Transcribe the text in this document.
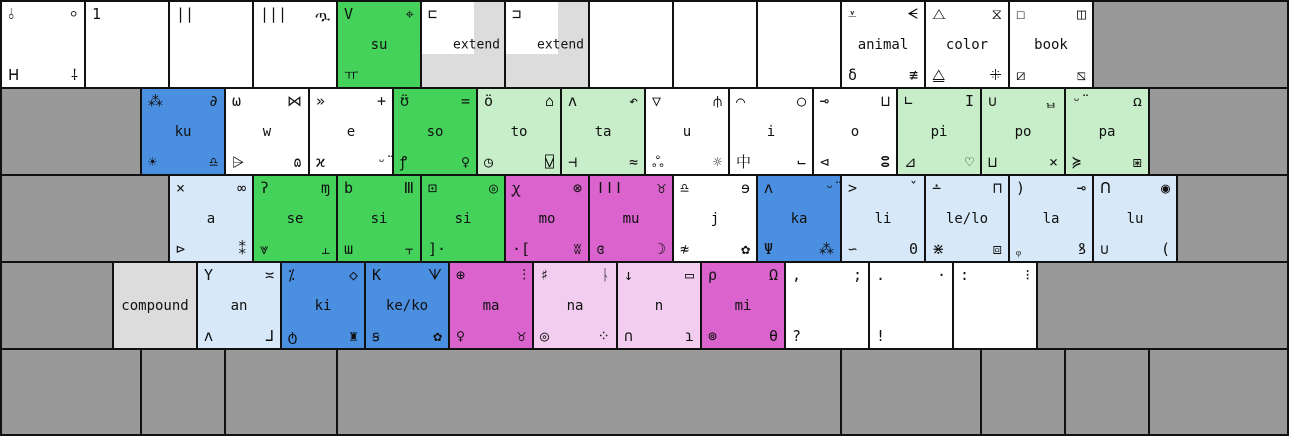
⫰	⸰
ᕼ	⸸
1	||	||| ጧ V	⌖
ㅠ
su
⊏
extend
⊐
extend
⩡	ᗕ
ẟ	≢
animal
⧍	⧖
⧋	ꔰ
color
☐	◫
⧄	⧅
book
⁂	∂
☀	♎
ku
ω	⋈
⩥	ɷ
w
»	+
ϰ	ᵕ̈
e
ʊ̈	=
ꝭ	♀
so
ö	⌂
◷	⍌
to
ʌ	↶
⊣	≈
ta
▽	⫛
ஃ	☼
u
⌒	○
中	⌙
i
⊸	⊔
⊲	ⵓ
o
∟	I
⊿	♡
pi
∪	ᆸ
⊔	⨯
po
ᵕ̈	ꭥ
≽	⧆
pa
×	∞
⊳	⁑
a
ʔ	ɱ
⩔	⫠
se
b	Ⅲ
ɯ	⫟
si
⊡	◎
]·
si
ꭕ	⊗
⋅[	ʬ
mo
ǀǀǀ ♉
ɞ	☽
mu
♎	ɘ
≉	✿
j
ʌ	ᵕ̈
Ψ	⁂
ka
>	ˇ
∽	0
li
∸	⊓
⋇	⧈
le/lo
)	⊸
ᵩ	ꝸ
la
ᑎ	◉
∪	(
lu
compound
Y	≍
ʌ	ᒧ
an
⁒	◇
ტ	♜
ki
K	ᗐ
ꞩ	✿
ke/ko
⊕	⫶
♀	♉
ma
♯	ᚿ
◎	⁘
na
↓	▭
∩	ɿ
n
ρ	Ω
⊚	θ
mi
,	;
?
.	·
!
:	⁝
